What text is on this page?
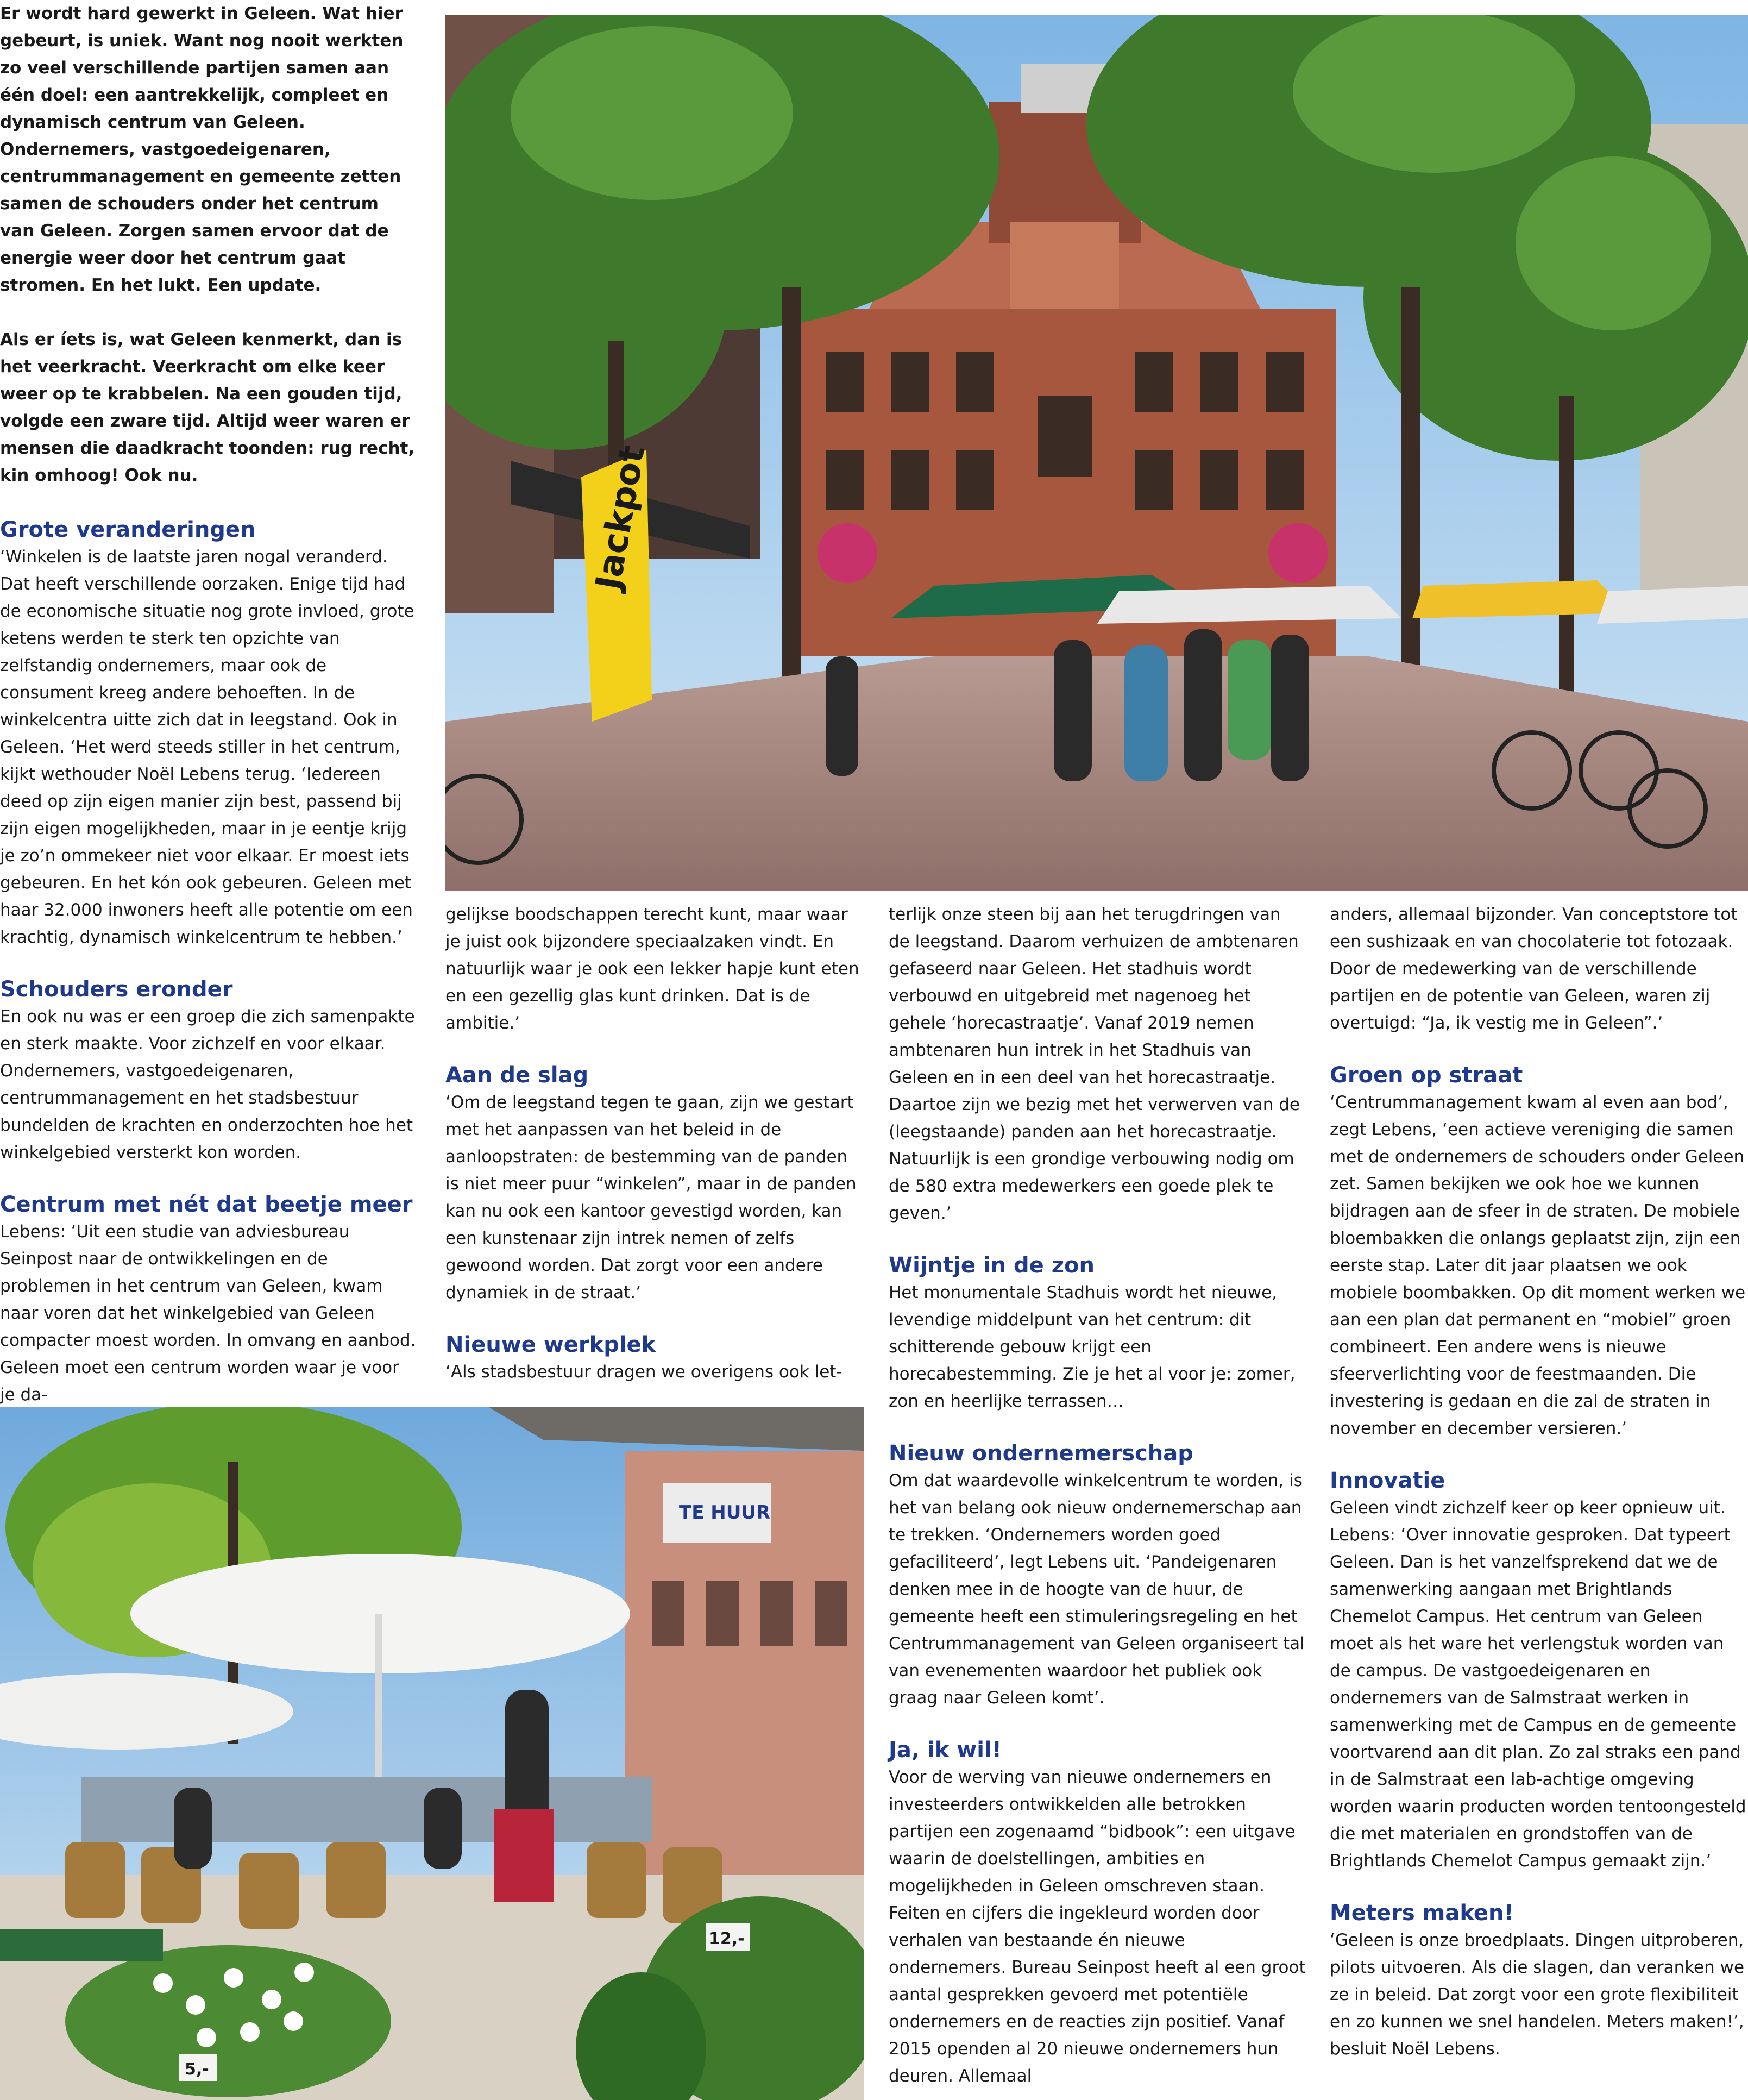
Er wordt hard gewerkt in Geleen. Wat hier gebeurt, is uniek. Want nog nooit werkten zo veel verschillende partijen samen aan één doel: een aantrekkelijk, compleet en dynamisch centrum van Geleen. Ondernemers, vastgoedeigenaren, centrummanagement en gemeente zetten samen de schouders onder het centrum van Geleen. Zorgen samen ervoor dat de energie weer door het centrum gaat stromen. En het lukt. Een update.

Als er íets is, wat Geleen kenmerkt, dan is het veerkracht. Veerkracht om elke keer weer op te krabbelen. Na een gouden tijd, volgde een zware tijd. Altijd weer waren er mensen die daadkracht toonden: rug recht, kin omhoog! Ook nu.

Grote veranderingen

‘Winkelen is de laatste jaren nogal veranderd. Dat heeft verschillende oorzaken. Enige tijd had de economische situatie nog grote invloed, grote ketens werden te sterk ten opzichte van zelfstandig ondernemers, maar ook de consument kreeg andere behoeften. In de winkelcentra uitte zich dat in leegstand. Ook in Geleen. ‘Het werd steeds stiller in het centrum, kijkt wethouder Noël Lebens terug. ‘Iedereen deed op zijn eigen manier zijn best, passend bij zijn eigen mogelijkheden, maar in je eentje krijg je zo’n ommekeer niet voor elkaar. Er moest iets gebeuren. En het kón ook gebeuren. Geleen met haar 32.000 inwoners heeft alle potentie om een krachtig, dynamisch winkelcentrum te hebben.’

Schouders eronder

En ook nu was er een groep die zich samenpakte en sterk maakte. Voor zichzelf en voor elkaar. Ondernemers, vastgoedeigenaren, centrummanagement en het stadsbestuur bundelden de krachten en onderzochten hoe het winkelgebied versterkt kon worden.

Centrum met nét dat beetje meer

Lebens: ‘Uit een studie van adviesbureau Seinpost naar de ontwikkelingen en de problemen in het centrum van Geleen, kwam naar voren dat het winkelgebied van Geleen compacter moest worden. In omvang en aanbod. Geleen moet een centrum worden waar je voor je da-

Jackpot

gelijkse boodschappen terecht kunt, maar waar je juist ook bijzondere speciaalzaken vindt. En natuurlijk waar je ook een lekker hapje kunt eten en een gezellig glas kunt drinken. Dat is de ambitie.’

Aan de slag

‘Om de leegstand tegen te gaan, zijn we gestart met het aanpassen van het beleid in de aanloopstraten: de bestemming van de panden is niet meer puur “winkelen”, maar in de panden kan nu ook een kantoor gevestigd worden, kan een kunstenaar zijn intrek nemen of zelfs gewoond worden. Dat zorgt voor een andere dynamiek in de straat.’

Nieuwe werkplek

‘Als stadsbestuur dragen we overigens ook let-

TE HUUR
5,-
12,-

terlijk onze steen bij aan het terugdringen van de leegstand. Daarom verhuizen de ambtenaren gefaseerd naar Geleen. Het stadhuis wordt verbouwd en uitgebreid met nagenoeg het gehele ‘horecastraatje’. Vanaf 2019 nemen ambtenaren hun intrek in het Stadhuis van Geleen en in een deel van het horecastraatje.

Daartoe zijn we bezig met het verwerven van de (leegstaande) panden aan het horecastraatje. Natuurlijk is een grondige verbouwing nodig om de 580 extra medewerkers een goede plek te geven.’

Wijntje in de zon

Het monumentale Stadhuis wordt het nieuwe, levendige middelpunt van het centrum: dit schitterende gebouw krijgt een horecabestemming. Zie je het al voor je: zomer, zon en heerlijke terrassen…

Nieuw ondernemerschap

Om dat waardevolle winkelcentrum te worden, is het van belang ook nieuw ondernemerschap aan te trekken. ‘Ondernemers worden goed gefaciliteerd’, legt Lebens uit. ‘Pandeigenaren denken mee in de hoogte van de huur, de gemeente heeft een stimuleringsregeling en het Centrummanagement van Geleen organiseert tal van evenementen waardoor het publiek ook graag naar Geleen komt’.

Ja, ik wil!

Voor de werving van nieuwe ondernemers en investeerders ontwikkelden alle betrokken partijen een zogenaamd “bidbook”: een uitgave waarin de doelstellingen, ambities en mogelijkheden in Geleen omschreven staan. Feiten en cijfers die ingekleurd worden door verhalen van bestaande én nieuwe ondernemers. Bureau Seinpost heeft al een groot aantal gesprekken gevoerd met potentiële ondernemers en de reacties zijn positief. Vanaf 2015 openden al 20 nieuwe ondernemers hun deuren. Allemaal

anders, allemaal bijzonder. Van conceptstore tot een sushizaak en van chocolaterie tot fotozaak. Door de medewerking van de verschillende partijen en de potentie van Geleen, waren zij overtuigd: “Ja, ik vestig me in Geleen”.’

Groen op straat

‘Centrummanagement kwam al even aan bod’, zegt Lebens, ‘een actieve vereniging die samen met de ondernemers de schouders onder Geleen zet. Samen bekijken we ook hoe we kunnen bijdragen aan de sfeer in de straten. De mobiele bloembakken die onlangs geplaatst zijn, zijn een eerste stap. Later dit jaar plaatsen we ook mobiele boombakken. Op dit moment werken we aan een plan dat permanent en “mobiel” groen combineert. Een andere wens is nieuwe sfeerverlichting voor de feestmaanden. Die investering is gedaan en die zal de straten in november en december versieren.’

Innovatie

Geleen vindt zichzelf keer op keer opnieuw uit. Lebens: ‘Over innovatie gesproken. Dat typeert Geleen. Dan is het vanzelfsprekend dat we de samenwerking aangaan met Brightlands Chemelot Campus. Het centrum van Geleen moet als het ware het verlengstuk worden van de campus. De vastgoedeigenaren en ondernemers van de Salmstraat werken in samenwerking met de Campus en de gemeente voortvarend aan dit plan. Zo zal straks een pand in de Salmstraat een lab-achtige omgeving worden waarin producten worden tentoongesteld die met materialen en grondstoffen van de Brightlands Chemelot Campus gemaakt zijn.’

Meters maken!

‘Geleen is onze broedplaats. Dingen uitproberen, pilots uitvoeren. Als die slagen, dan veranken we ze in beleid. Dat zorgt voor een grote flexibiliteit en zo kunnen we snel handelen. Meters maken!’, besluit Noël Lebens.
